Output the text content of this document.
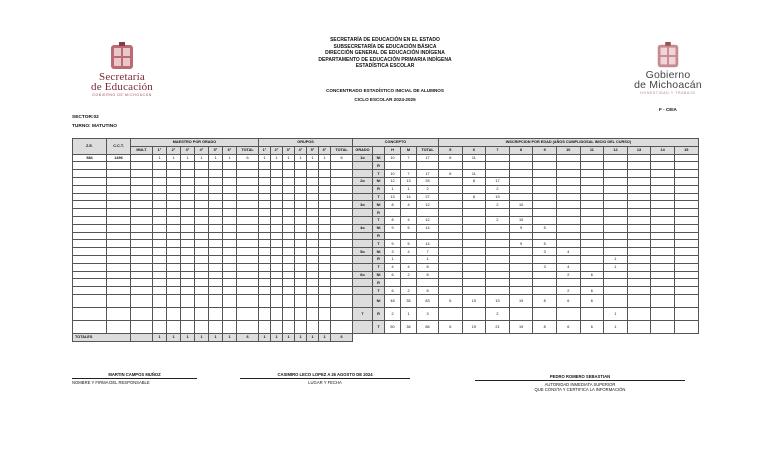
Secretaría
de Educación
GOBIERNO DE MICHOACÁN
Gobierno
de Michoacán
HONESTIDAD Y TRABAJO
SECRETARÍA DE EDUCACIÓN EN EL ESTADO
SUBSECRETARÍA DE EDUCACIÓN BÁSICA
DIRECCIÓN GENERAL DE EDUCACIÓN INDÍGENA
DEPARTAMENTO DE EDUCACIÓN PRIMARIA INDÍGENA
ESTADÍSTICA ESCOLAR
CONCENTRADO ESTADÍSTICO INICIAL DE ALUMNOS
CICLO ESCOLAR 2024-2025
F - CEIA
SECTOR:02
TURNO: MATUTINO
Z.E.	C.C.T.	MAESTRO POR GRADO								GRUPOS							CONCEPTO					INSCRIPCION POR EDAD (AÑOS CUMPLIDOSAL INICIO DEL CURSO)										
		MULT	1°	2°	3°	4°	5°	6°	TOTAL	1°	2°	3°	4°	5°	6°	TOTAL	GRADO		H	M	TOTAL	5	6	7	8	9	10	11	12	13	14	15
584	1496		1	1	1	1	1	1	6	1	1	1	1	1	1	6	1o	NI	10	7	17	6	11									
																		R														
																		T	10	7	17	6	11									
																	2o	NI	12	13	25		8	17								
																		R	1	1	2			2								
																		T	13	14	27		8	19								
																	3o	NI	8	4	12			2	10							
																		R														
																		T	8	4	12			2	10							
																	4o	NI	9	5	14				9	5						
																		R														
																		T	9	5	14				9	5						
																	5o	NI	3	4	7					3	4					
																		R	1		1								1			
																		T	4	4	8					3	4		1			
																	6o	NI	6	2	8						2	6				
																		R														
																		T	6	2	8						2	6				
																		NI	48	35	83	6	19	19	19	8	6	6				
																	T	R	2	1	3			2					1			
																		T	50	36	86	6	19	21	19	8	6	6	1			
TOTALES			1	1	1	1	1	1	6	1	1	1	1	1	1	6																
MARTIN CAMPOS MUÑOZ
NOMBRE Y FIRMA DEL RESPONSABLE
CASIMIRO LECO LOPEZ A 26 AGOSTO DE 2024
LUGAR Y FECHA
PEDRO ROMERO SEBASTIAN
AUTORIDAD INMEDIATA SUPERIOR
QUE CONSTA Y CERTIFICA LA INFORMACIÓN
